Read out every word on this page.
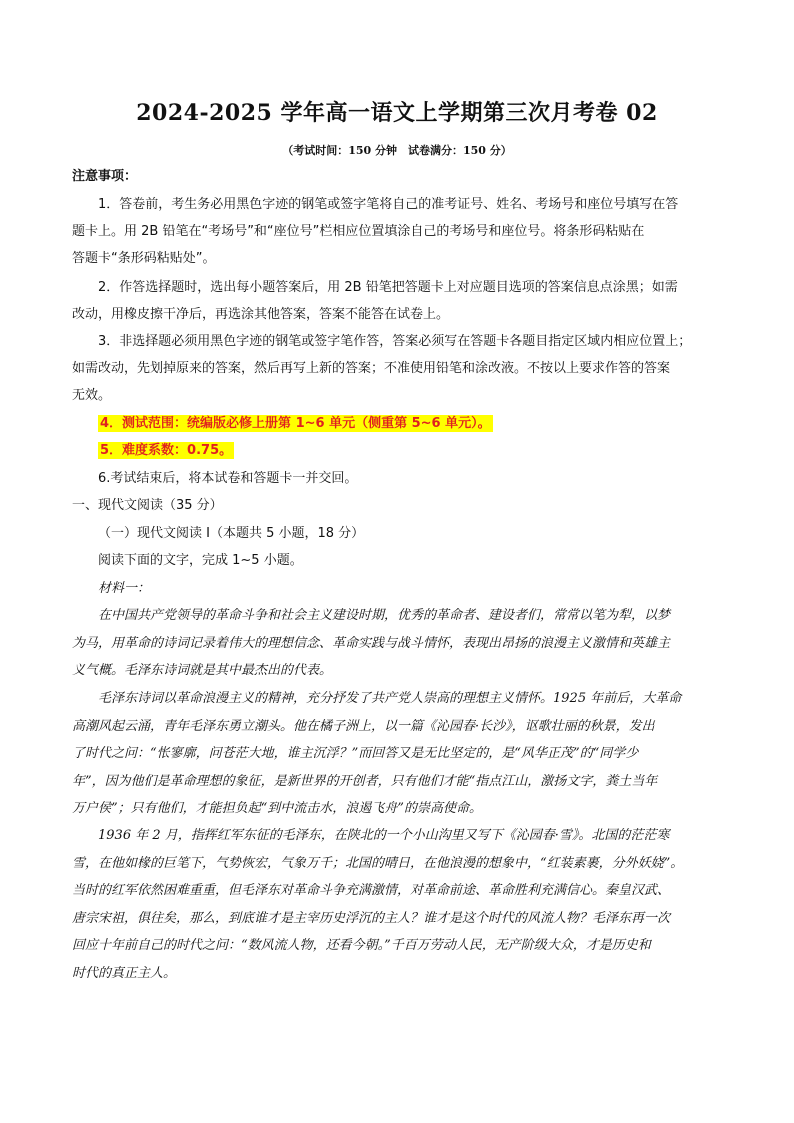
2024-2025 学年高一语文上学期第三次月考卷 02
（考试时间：150 分钟　试卷满分：150 分）
注意事项：
1．答卷前，考生务必用黑色字迹的钢笔或签字笔将自己的准考证号、姓名、考场号和座位号填写在答
题卡上。用 2B 铅笔在“考场号”和“座位号”栏相应位置填涂自己的考场号和座位号。将条形码粘贴在
答题卡“条形码粘贴处”。
2．作答选择题时，选出每小题答案后，用 2B 铅笔把答题卡上对应题目选项的答案信息点涂黑；如需
改动，用橡皮擦干净后，再选涂其他答案，答案不能答在试卷上。
3．非选择题必须用黑色字迹的钢笔或签字笔作答，答案必须写在答题卡各题目指定区域内相应位置上；
如需改动，先划掉原来的答案，然后再写上新的答案；不准使用铅笔和涂改液。不按以上要求作答的答案
无效。
4．测试范围：统编版必修上册第 1~6 单元（侧重第 5~6 单元）。
5．难度系数：0.75。
6.考试结束后，将本试卷和答题卡一并交回。
一、现代文阅读（35 分）
（一）现代文阅读 I（本题共 5 小题，18 分）
阅读下面的文字，完成 1~5 小题。
材料一：
在中国共产党领导的革命斗争和社会主义建设时期，优秀的革命者、建设者们，常常以笔为犁，以梦
为马，用革命的诗词记录着伟大的理想信念、革命实践与战斗情怀，表现出昂扬的浪漫主义激情和英雄主
义气概。毛泽东诗词就是其中最杰出的代表。
毛泽东诗词以革命浪漫主义的精神，充分抒发了共产党人崇高的理想主义情怀。1925 年前后，大革命
高潮风起云涌，青年毛泽东勇立潮头。他在橘子洲上，以一篇《沁园春·长沙》，讴歌壮丽的秋景，发出
了时代之问：“怅寥廓，问苍茫大地，谁主沉浮？”而回答又是无比坚定的，是“风华正茂”的“同学少
年”，因为他们是革命理想的象征，是新世界的开创者，只有他们才能“指点江山，激扬文字，粪土当年
万户侯”；只有他们，才能担负起“到中流击水，浪遏飞舟”的崇高使命。
1936 年 2 月，指挥红军东征的毛泽东，在陕北的一个小山沟里又写下《沁园春·雪》。北国的茫茫寒
雪，在他如椽的巨笔下，气势恢宏，气象万千；北国的晴日，在他浪漫的想象中，“红装素裹，分外妖娆”。
当时的红军依然困难重重，但毛泽东对革命斗争充满激情，对革命前途、革命胜利充满信心。秦皇汉武、
唐宗宋祖，俱往矣，那么，到底谁才是主宰历史浮沉的主人？谁才是这个时代的风流人物？毛泽东再一次
回应十年前自己的时代之问：“数风流人物，还看今朝。”千百万劳动人民，无产阶级大众，才是历史和
时代的真正主人。
